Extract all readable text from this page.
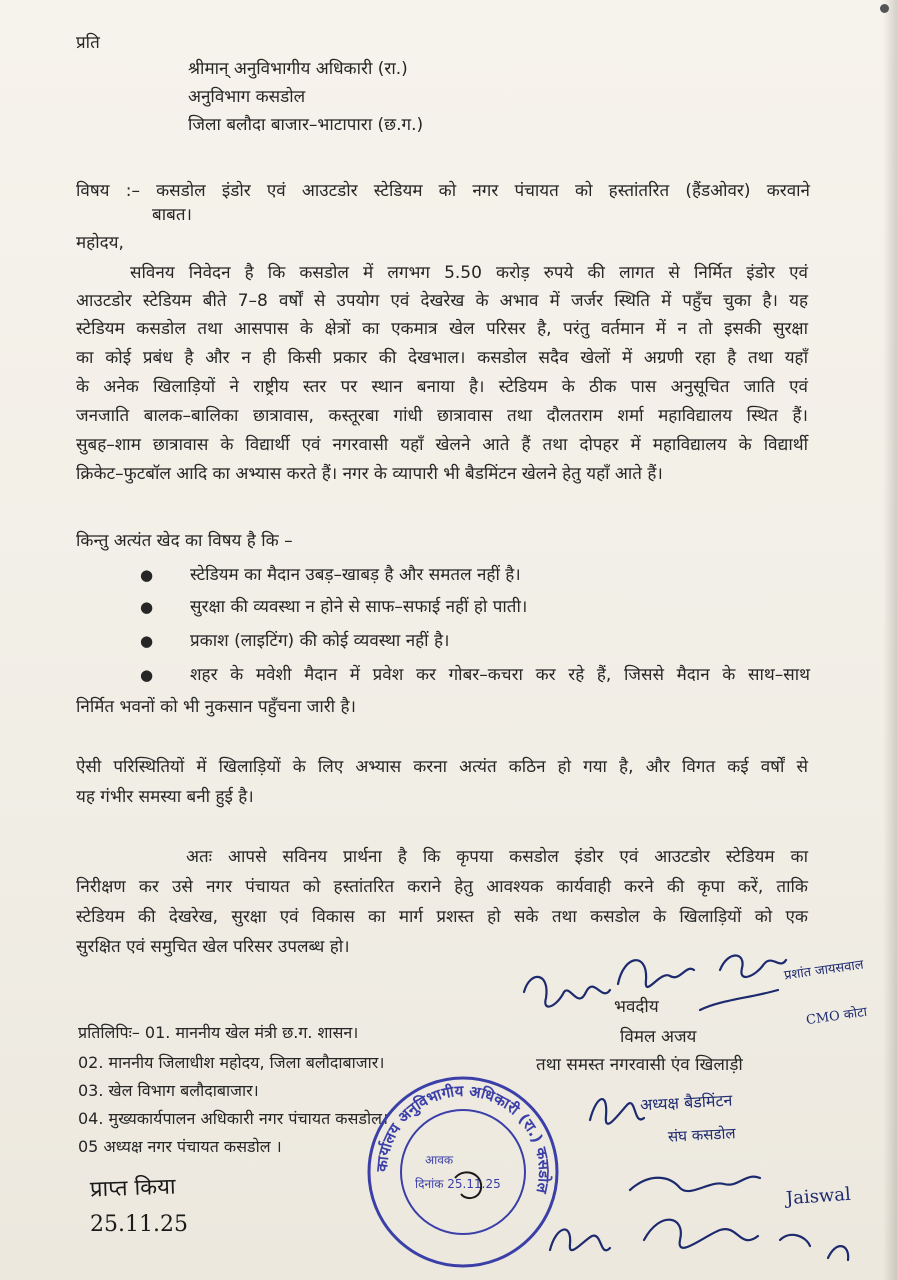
प्रति
श्रीमान् अनुविभागीय अधिकारी (रा.)
अनुविभाग कसडोल
जिला बलौदा बाजार–भाटापारा (छ.ग.)
विषय :– कसडोल इंडोर एवं आउटडोर स्टेडियम को नगर पंचायत को हस्तांतरित (हैंडओवर) करवाने
बाबत।
महोदय,
सविनय निवेदन है कि कसडोल में लगभग 5.50 करोड़ रुपये की लागत से निर्मित इंडोर एवं
आउटडोर स्टेडियम बीते 7–8 वर्षों से उपयोग एवं देखरेख के अभाव में जर्जर स्थिति में पहुँच चुका है। यह
स्टेडियम कसडोल तथा आसपास के क्षेत्रों का एकमात्र खेल परिसर है, परंतु वर्तमान में न तो इसकी सुरक्षा
का कोई प्रबंध है और न ही किसी प्रकार की देखभाल। कसडोल सदैव खेलों में अग्रणी रहा है तथा यहाँ
के अनेक खिलाड़ियों ने राष्ट्रीय स्तर पर स्थान बनाया है। स्टेडियम के ठीक पास अनुसूचित जाति एवं
जनजाति बालक–बालिका छात्रावास, कस्तूरबा गांधी छात्रावास तथा दौलतराम शर्मा महाविद्यालय स्थित हैं।
सुबह–शाम छात्रावास के विद्यार्थी एवं नगरवासी यहाँ खेलने आते हैं तथा दोपहर में महाविद्यालय के विद्यार्थी
क्रिकेट–फुटबॉल आदि का अभ्यास करते हैं। नगर के व्यापारी भी बैडमिंटन खेलने हेतु यहाँ आते हैं।
किन्तु अत्यंत खेद का विषय है कि –
● स्टेडियम का मैदान उबड़–खाबड़ है और समतल नहीं है।
● सुरक्षा की व्यवस्था न होने से साफ–सफाई नहीं हो पाती।
● प्रकाश (लाइटिंग) की कोई व्यवस्था नहीं है।
● शहर के मवेशी मैदान में प्रवेश कर गोबर–कचरा कर रहे हैं, जिससे मैदान के साथ–साथ
निर्मित भवनों को भी नुकसान पहुँचना जारी है।
ऐसी परिस्थितियों में खिलाड़ियों के लिए अभ्यास करना अत्यंत कठिन हो गया है, और विगत कई वर्षों से
यह गंभीर समस्या बनी हुई है।
अतः आपसे सविनय प्रार्थना है कि कृपया कसडोल इंडोर एवं आउटडोर स्टेडियम का
निरीक्षण कर उसे नगर पंचायत को हस्तांतरित कराने हेतु आवश्यक कार्यवाही करने की कृपा करें, ताकि
स्टेडियम की देखरेख, सुरक्षा एवं विकास का मार्ग प्रशस्त हो सके तथा कसडोल के खिलाड़ियों को एक
सुरक्षित एवं समुचित खेल परिसर उपलब्ध हो।
भवदीय
विमल अजय
तथा समस्त नगरवासी एंव खिलाड़ी
प्रतिलिपिः– 01. माननीय खेल मंत्री छ.ग. शासन।
02. माननीय जिलाधीश महोदय, जिला बलौदाबाजार।
03. खेल विभाग बलौदाबाजार।
04. मुख्यकार्यपालन अधिकारी नगर पंचायत कसडोल।
05 अध्यक्ष नगर पंचायत कसडोल ।
प्राप्त किया
25.11.25
प्रशांत जायसवाल
CMO कोटा
अध्यक्ष बैडमिंटन
संघ कसडोल
Jaiswal
कार्यालय अनुविभागीय अधिकारी (रा.) कसडोल
आवक
दिनांक 25.11.25
